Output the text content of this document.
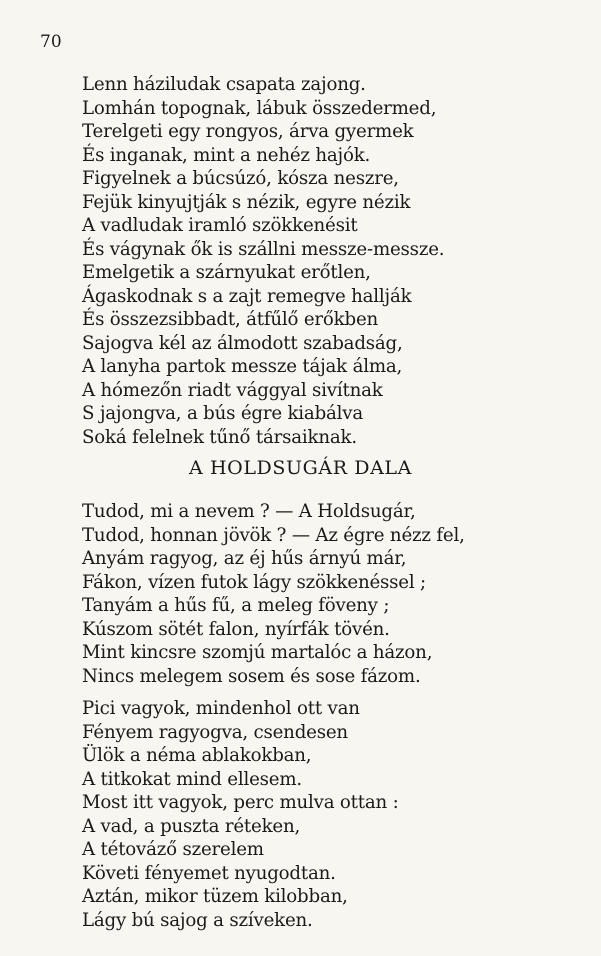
70
Lenn háziludak csapata zajong.
Lomhán topognak, lábuk összedermed,
Terelgeti egy rongyos, árva gyermek
És inganak, mint a nehéz hajók.
Figyelnek a búcsúzó, kósza neszre,
Fejük kinyujtják s nézik, egyre nézik
A vadludak iramló szökkenésit
És vágynak ők is szállni messze-messze.
Emelgetik a szárnyukat erőtlen,
Ágaskodnak s a zajt remegve hallják
És összezsibbadt, átfűlő erőkben
Sajogva kél az álmodott szabadság,
A lanyha partok messze tájak álma,
A hómezőn riadt vággyal sivítnak
S jajongva, a bús égre kiabálva
Soká felelnek tűnő társaiknak.
A HOLDSUGÁR DALA
Tudod, mi a nevem ? — A Holdsugár,
Tudod, honnan jövök ? — Az égre nézz fel,
Anyám ragyog, az éj hűs árnyú már,
Fákon, vízen futok lágy szökkenéssel ;
Tanyám a hűs fű, a meleg föveny ;
Kúszom sötét falon, nyírfák tövén.
Mint kincsre szomjú martalóc a házon,
Nincs melegem sosem és sose fázom.
Pici vagyok, mindenhol ott van
Fényem ragyogva, csendesen
Ülök a néma ablakokban,
A titkokat mind ellesem.
Most itt vagyok, perc mulva ottan :
A vad, a puszta réteken,
A tétováző szerelem
Követi fényemet nyugodtan.
Aztán, mikor tüzem kilobban,
Lágy bú sajog a szíveken.
